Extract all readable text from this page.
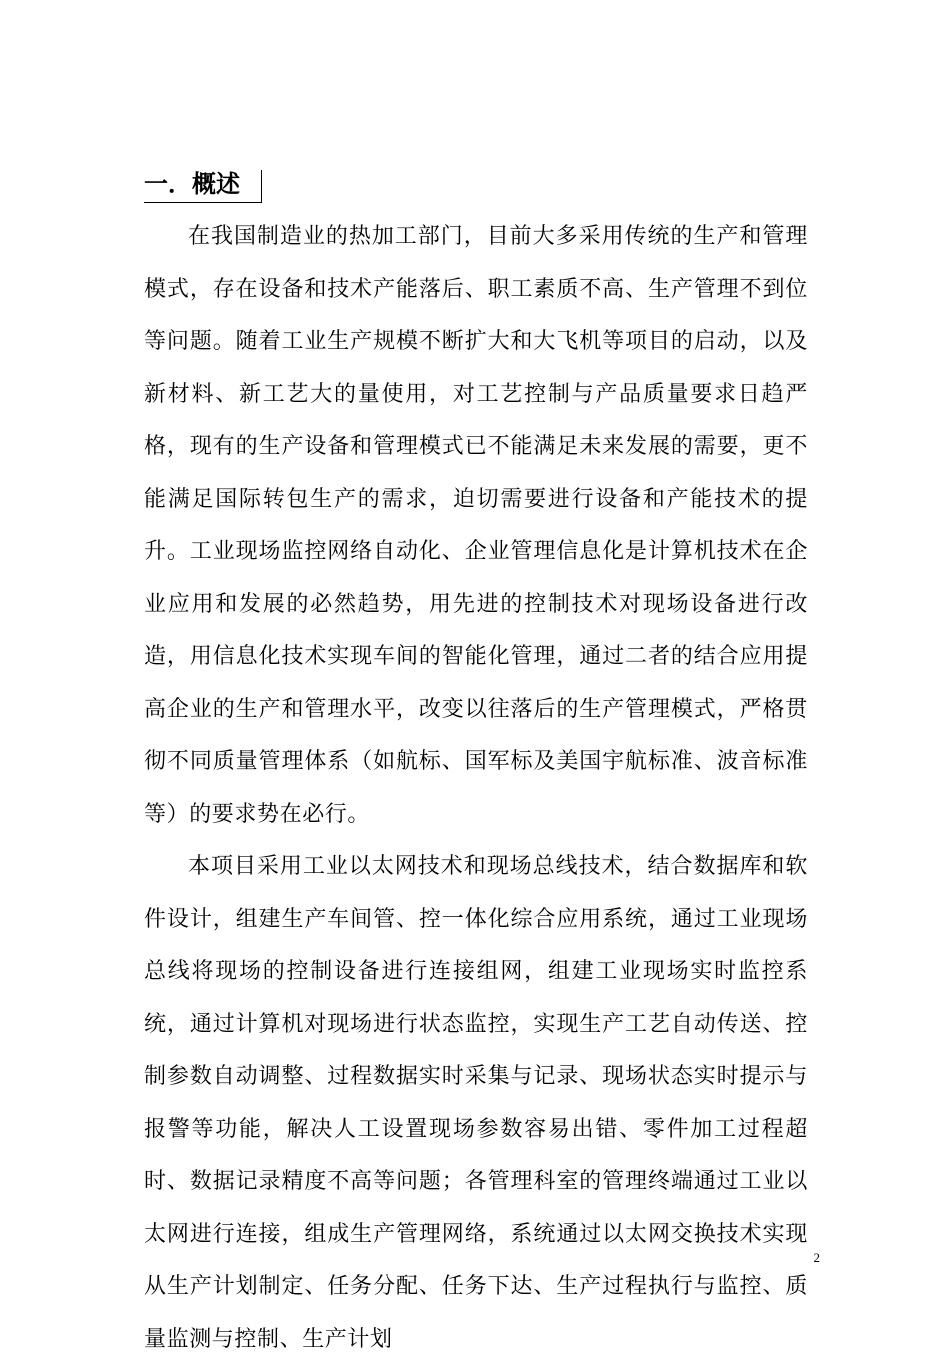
一．概述

在我国制造业的热加工部门，目前大多采用传统的生产和管理模式，存在设备和技术产能落后、职工素质不高、生产管理不到位等问题。随着工业生产规模不断扩大和大飞机等项目的启动，以及新材料、新工艺大的量使用，对工艺控制与产品质量要求日趋严格，现有的生产设备和管理模式已不能满足未来发展的需要，更不能满足国际转包生产的需求，迫切需要进行设备和产能技术的提升。工业现场监控网络自动化、企业管理信息化是计算机技术在企业应用和发展的必然趋势，用先进的控制技术对现场设备进行改造，用信息化技术实现车间的智能化管理，通过二者的结合应用提高企业的生产和管理水平，改变以往落后的生产管理模式，严格贯彻不同质量管理体系（如航标、国军标及美国宇航标准、波音标准等）的要求势在必行。

本项目采用工业以太网技术和现场总线技术，结合数据库和软件设计，组建生产车间管、控一体化综合应用系统，通过工业现场总线将现场的控制设备进行连接组网，组建工业现场实时监控系统，通过计算机对现场进行状态监控，实现生产工艺自动传送、控制参数自动调整、过程数据实时采集与记录、现场状态实时提示与报警等功能，解决人工设置现场参数容易出错、零件加工过程超时、数据记录精度不高等问题；各管理科室的管理终端通过工业以太网进行连接，组成生产管理网络，系统通过以太网交换技术实现从生产计划制定、任务分配、任务下达、生产过程执行与监控、质量监测与控制、生产计划

2
